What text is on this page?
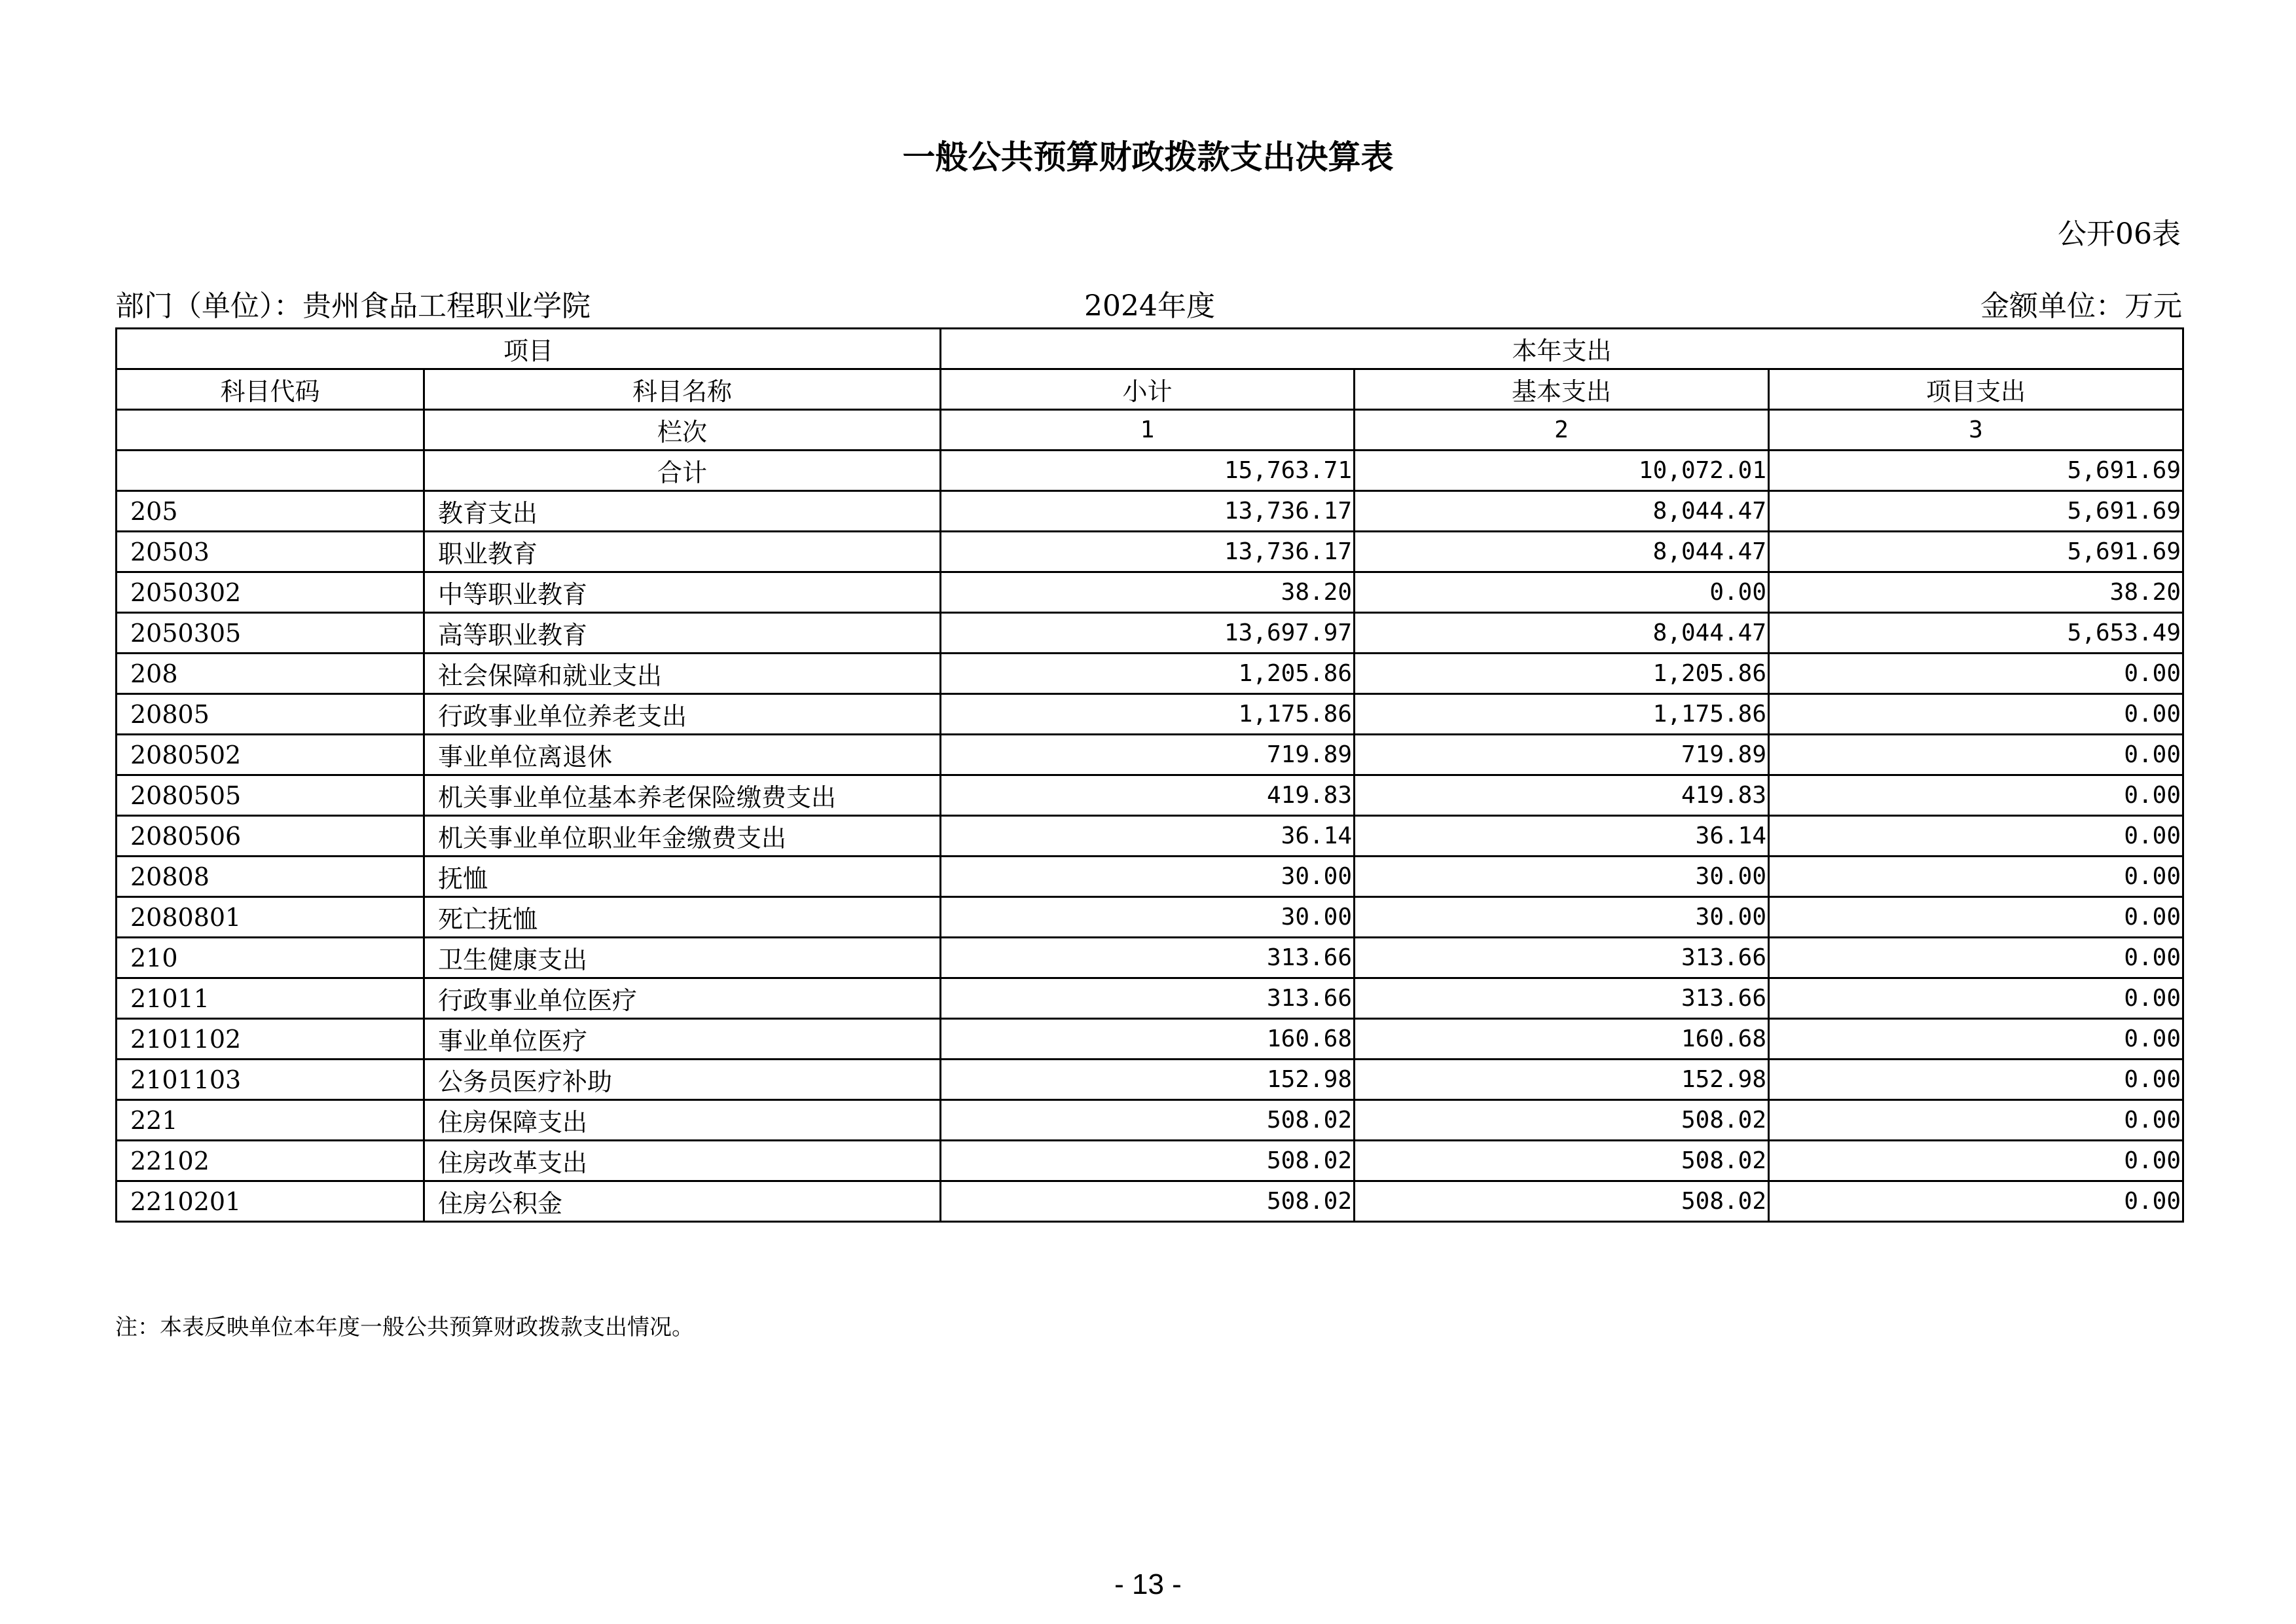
一般公共预算财政拨款支出决算表
公开06表
部门（单位）：贵州食品工程职业学院	2024年度	金额单位：万元
项目		本年支出		
科目代码	科目名称	小计	基本支出	项目支出
	栏次	1	2	3
	合计	15,763.71	10,072.01	5,691.69
205	教育支出	13,736.17	8,044.47	5,691.69
20503	职业教育	13,736.17	8,044.47	5,691.69
2050302	中等职业教育	38.20	0.00	38.20
2050305	高等职业教育	13,697.97	8,044.47	5,653.49
208	社会保障和就业支出	1,205.86	1,205.86	0.00
20805	行政事业单位养老支出	1,175.86	1,175.86	0.00
2080502	事业单位离退休	719.89	719.89	0.00
2080505	机关事业单位基本养老保险缴费支出	419.83	419.83	0.00
2080506	机关事业单位职业年金缴费支出	36.14	36.14	0.00
20808	抚恤	30.00	30.00	0.00
2080801	死亡抚恤	30.00	30.00	0.00
210	卫生健康支出	313.66	313.66	0.00
21011	行政事业单位医疗	313.66	313.66	0.00
2101102	事业单位医疗	160.68	160.68	0.00
2101103	公务员医疗补助	152.98	152.98	0.00
221	住房保障支出	508.02	508.02	0.00
22102	住房改革支出	508.02	508.02	0.00
2210201	住房公积金	508.02	508.02	0.00
注：本表反映单位本年度一般公共预算财政拨款支出情况。
- 13 -
